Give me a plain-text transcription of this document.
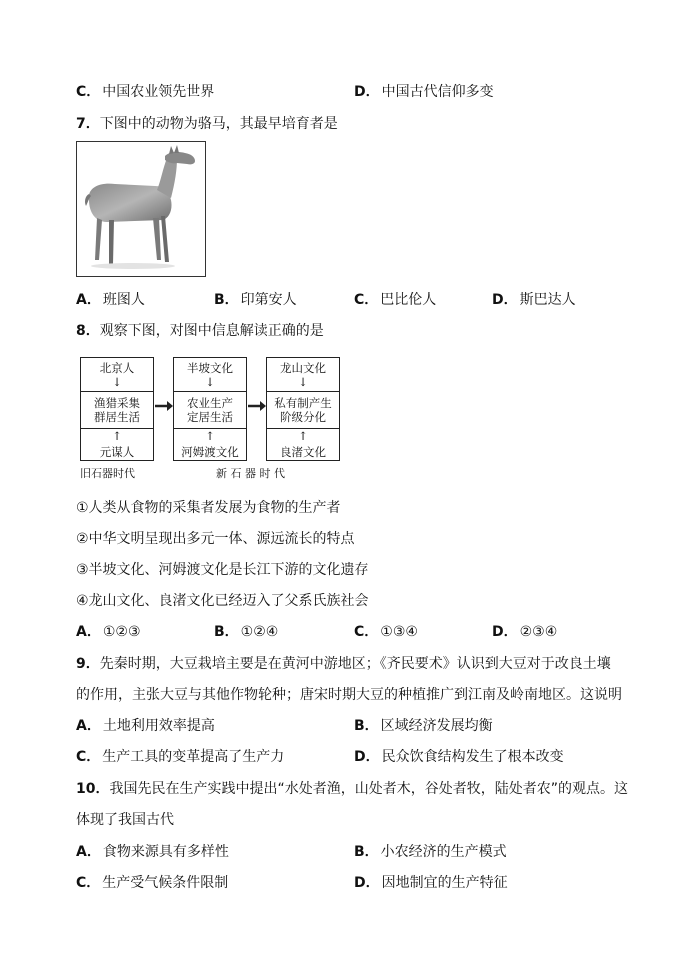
C． 中国农业领先世界	D． 中国古代信仰多变
7．下图中的动物为骆马，其最早培育者是
A． 班图人	B． 印第安人	C． 巴比伦人	D． 斯巴达人
8．观察下图，对图中信息解读正确的是
北京人
↓
渔猎采集
群居生活
↑
元谋人
半坡文化
↓
农业生产
定居生活
↑
河姆渡文化
龙山文化
↓
私有制产生
阶级分化
↑
良渚文化
旧石器时代	新 石 器 时 代
①人类从食物的采集者发展为食物的生产者
②中华文明呈现出多元一体、源远流长的特点
③半坡文化、河姆渡文化是长江下游的文化遗存
④龙山文化、良渚文化已经迈入了父系氏族社会
A． ①②③	B． ①②④	C． ①③④	D． ②③④
9．先秦时期，大豆栽培主要是在黄河中游地区；《齐民要术》认识到大豆对于改良土壤
的作用，主张大豆与其他作物轮种；唐宋时期大豆的种植推广到江南及岭南地区。这说明
A． 土地利用效率提高	B． 区域经济发展均衡
C． 生产工具的变革提高了生产力	D． 民众饮食结构发生了根本改变
10．我国先民在生产实践中提出“水处者渔，山处者木，谷处者牧，陆处者农”的观点。这
体现了我国古代
A． 食物来源具有多样性	B． 小农经济的生产模式
C． 生产受气候条件限制	D． 因地制宜的生产特征
